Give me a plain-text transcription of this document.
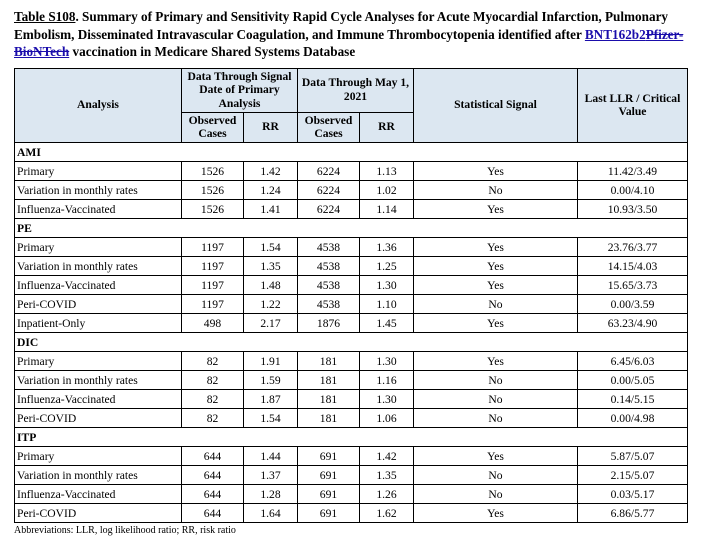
Table S108. Summary of Primary and Sensitivity Rapid Cycle Analyses for Acute Myocardial Infarction, Pulmonary Embolism, Disseminated Intravascular Coagulation, and Immune Thrombocytopenia identified after BNT162b2Pfizer-BioNTech vaccination in Medicare Shared Systems Database
Analysis	Data Through Signal Date of Primary Analysis		Data Through May 1, 2021		Statistical Signal	Last LLR / Critical Value
	Observed Cases	RR	Observed Cases	RR		
AMI						
Primary	1526	1.42	6224	1.13	Yes	11.42/3.49
Variation in monthly rates	1526	1.24	6224	1.02	No	0.00/4.10
Influenza-Vaccinated	1526	1.41	6224	1.14	Yes	10.93/3.50
PE						
Primary	1197	1.54	4538	1.36	Yes	23.76/3.77
Variation in monthly rates	1197	1.35	4538	1.25	Yes	14.15/4.03
Influenza-Vaccinated	1197	1.48	4538	1.30	Yes	15.65/3.73
Peri-COVID	1197	1.22	4538	1.10	No	0.00/3.59
Inpatient-Only	498	2.17	1876	1.45	Yes	63.23/4.90
DIC						
Primary	82	1.91	181	1.30	Yes	6.45/6.03
Variation in monthly rates	82	1.59	181	1.16	No	0.00/5.05
Influenza-Vaccinated	82	1.87	181	1.30	No	0.14/5.15
Peri-COVID	82	1.54	181	1.06	No	0.00/4.98
ITP						
Primary	644	1.44	691	1.42	Yes	5.87/5.07
Variation in monthly rates	644	1.37	691	1.35	No	2.15/5.07
Influenza-Vaccinated	644	1.28	691	1.26	No	0.03/5.17
Peri-COVID	644	1.64	691	1.62	Yes	6.86/5.77
Abbreviations: LLR, log likelihood ratio; RR, risk ratio
